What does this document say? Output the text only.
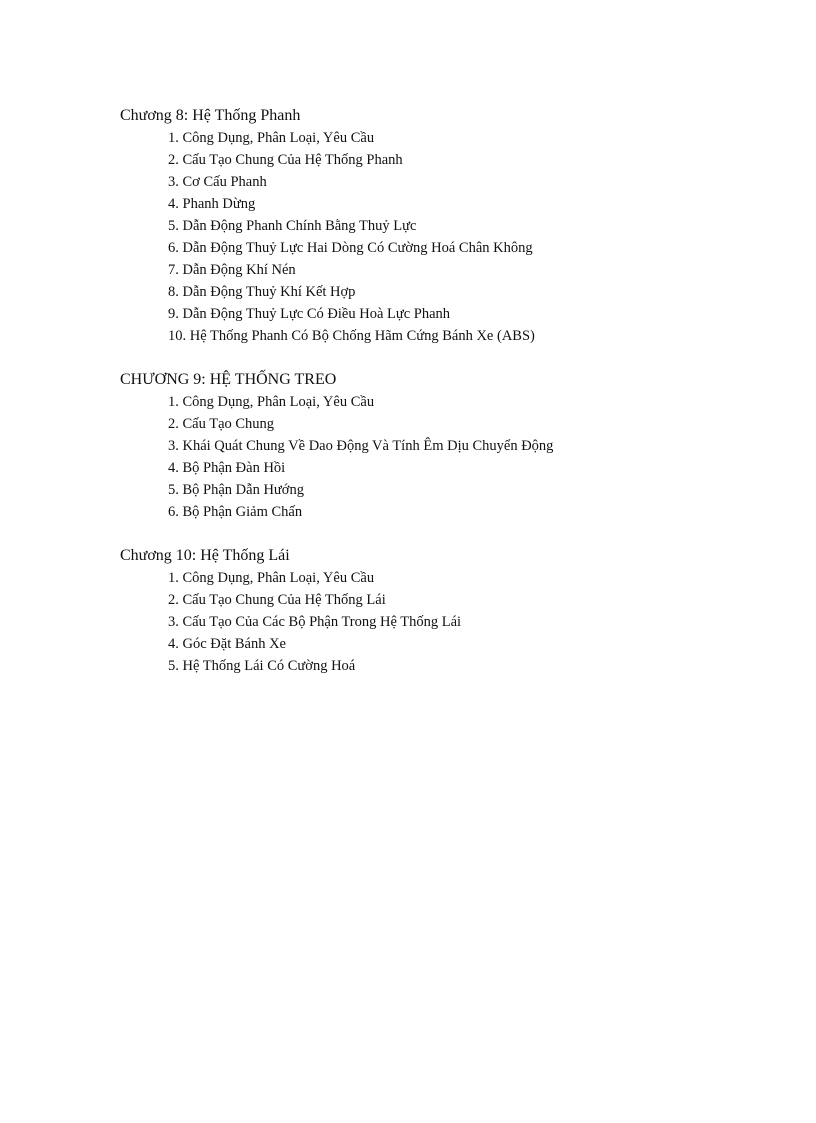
Chương 8: Hệ Thống Phanh
1. Công Dụng, Phân Loại, Yêu Cầu
2. Cấu Tạo Chung Của Hệ Thống Phanh
3. Cơ Cấu Phanh
4. Phanh Dừng
5. Dẫn Động Phanh Chính Bằng Thuỷ Lực
6. Dẫn Động Thuỷ Lực Hai Dòng Có Cường Hoá Chân Không
7. Dẫn Động Khí Nén
8. Dẫn Động Thuỷ Khí Kết Hợp
9. Dẫn Động Thuỷ Lực Có Điều Hoà Lực Phanh
10. Hệ Thống Phanh Có Bộ Chống Hãm Cứng Bánh Xe (ABS)
CHƯƠNG 9: HỆ THỐNG TREO
1. Công Dụng, Phân Loại, Yêu Cầu
2. Cấu Tạo Chung
3. Khái Quát Chung Về Dao Động Và Tính Êm Dịu Chuyển Động
4. Bộ Phận Đàn Hồi
5. Bộ Phận Dẫn Hướng
6. Bộ Phận Giảm Chấn
Chương 10: Hệ Thống Lái
1. Công Dụng, Phân Loại, Yêu Cầu
2. Cấu Tạo Chung Của Hệ Thống Lái
3. Cấu Tạo Của Các Bộ Phận Trong Hệ Thống Lái
4. Góc Đặt Bánh Xe
5. Hệ Thống Lái Có Cường Hoá
